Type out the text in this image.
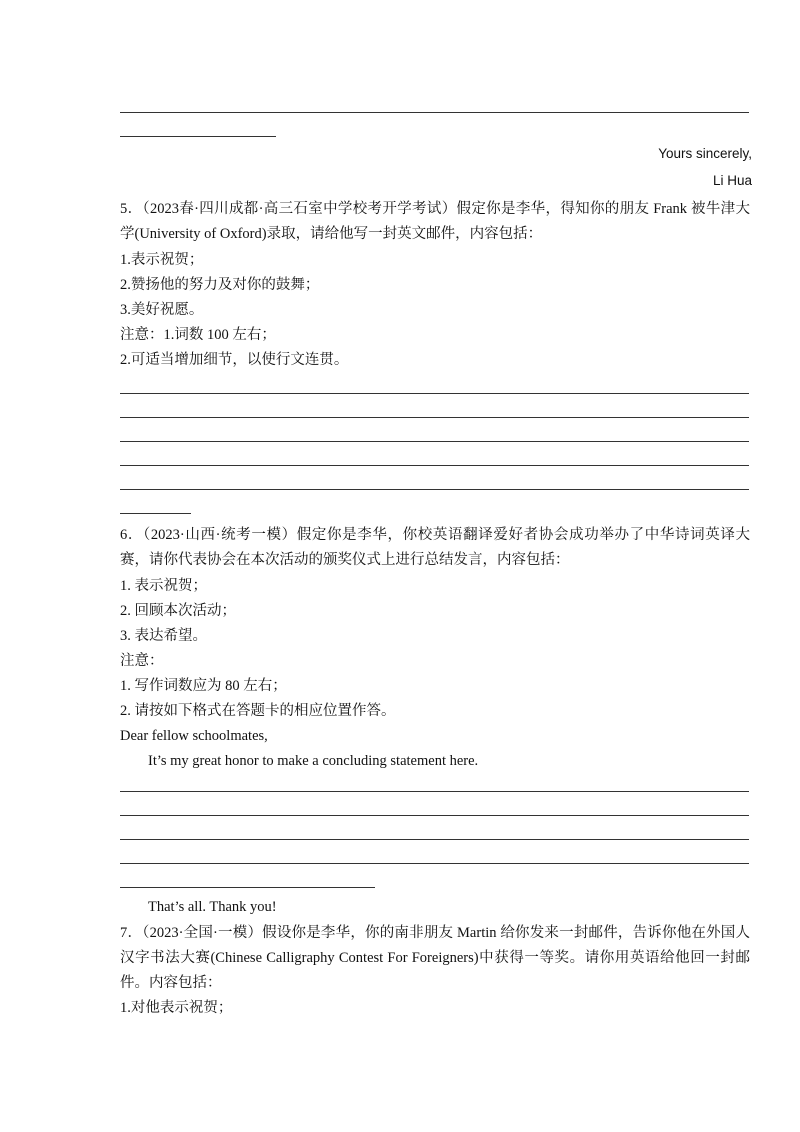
Yours sincerely,
Li Hua
5．（2023春·四川成都·高三石室中学校考开学考试）假定你是李华，得知你的朋友 Frank 被牛津大学(University of Oxford)录取，请给他写一封英文邮件，内容包括：
1.表示祝贺；
2.赞扬他的努力及对你的鼓舞；
3.美好祝愿。
注意：1.词数 100 左右；
2.可适当增加细节，以使行文连贯。
6．（2023·山西·统考一模）假定你是李华，你校英语翻译爱好者协会成功举办了中华诗词英译大赛，请你代表协会在本次活动的颁奖仪式上进行总结发言，内容包括：
1. 表示祝贺；
2. 回顾本次活动；
3. 表达希望。
注意：
1. 写作词数应为 80 左右；
2. 请按如下格式在答题卡的相应位置作答。
Dear fellow schoolmates,
It’s my great honor to make a concluding statement here.
That’s all. Thank you!
7．（2023·全国·一模）假设你是李华，你的南非朋友 Martin 给你发来一封邮件，告诉你他在外国人汉字书法大赛(Chinese Calligraphy Contest For Foreigners)中获得一等奖。请你用英语给他回一封邮件。内容包括：
1.对他表示祝贺；
